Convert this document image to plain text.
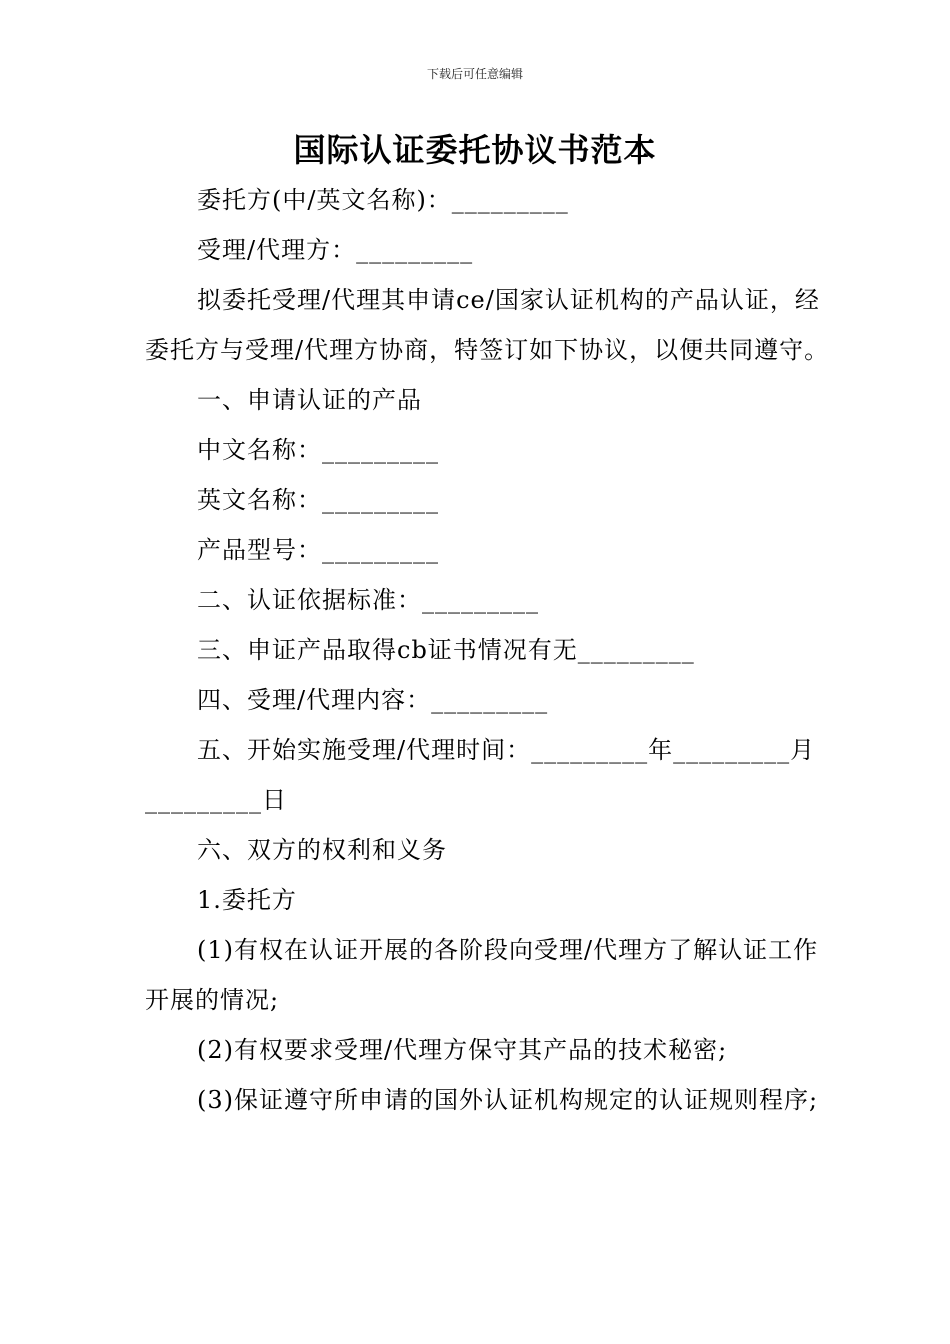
下载后可任意编辑
国际认证委托协议书范本

委托方(中/英文名称)：_________

受理/代理方：_________

拟委托受理/代理其申请ce/国家认证机构的产品认证，经委托方与受理/代理方协商，特签订如下协议，以便共同遵守。

一、申请认证的产品

中文名称：_________

英文名称：_________

产品型号：_________

二、认证依据标准：_________

三、申证产品取得cb证书情况有无_________

四、受理/代理内容：_________

五、开始实施受理/代理时间：_________年_________月_________日

六、双方的权利和义务

1.委托方

(1)有权在认证开展的各阶段向受理/代理方了解认证工作开展的情况;

(2)有权要求受理/代理方保守其产品的技术秘密;

(3)保证遵守所申请的国外认证机构规定的认证规则程序;
